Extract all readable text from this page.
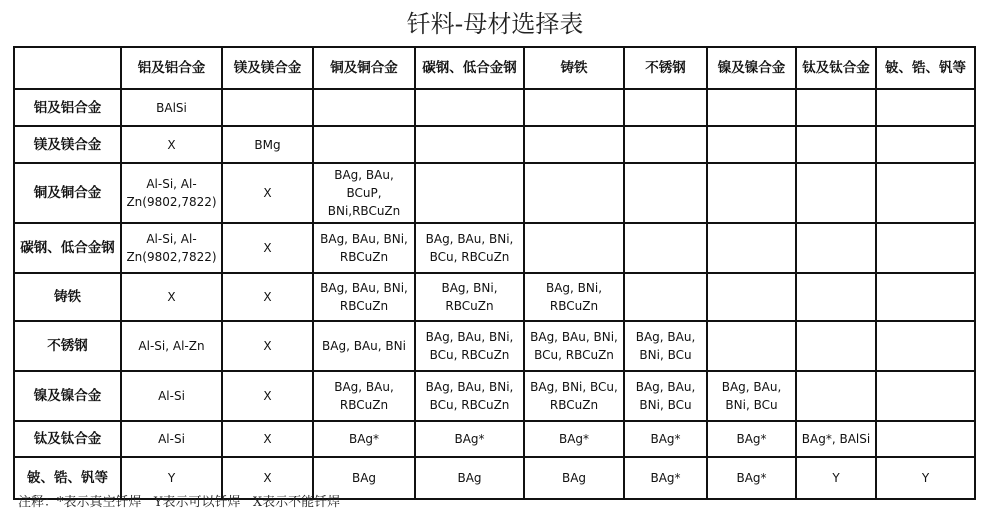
钎料-母材选择表
	铝及铝合金	镁及镁合金	铜及铜合金	碳钢、低合金钢	铸铁	不锈钢	镍及镍合金	钛及钛合金	铍、锆、钒等
铝及铝合金	BAlSi								
镁及镁合金	X	BMg							
铜及铜合金	Al-Si, Al-Zn(9802,7822)	X	BAg, BAu, BCuP, BNi,RBCuZn						
碳钢、低合金钢	Al-Si, Al-Zn(9802,7822)	X	BAg, BAu, BNi, RBCuZn	BAg, BAu, BNi, BCu, RBCuZn					
铸铁	X	X	BAg, BAu, BNi, RBCuZn	BAg, BNi, RBCuZn	BAg, BNi, RBCuZn				
不锈钢	Al-Si, Al-Zn	X	BAg, BAu, BNi	BAg, BAu, BNi, BCu, RBCuZn	BAg, BAu, BNi, BCu, RBCuZn	BAg, BAu, BNi, BCu			
镍及镍合金	Al-Si	X	BAg, BAu, RBCuZn	BAg, BAu, BNi, BCu, RBCuZn	BAg, BNi, BCu, RBCuZn	BAg, BAu, BNi, BCu	BAg, BAu, BNi, BCu		
钛及钛合金	Al-Si	X	BAg*	BAg*	BAg*	BAg*	BAg*	BAg*, BAlSi	
铍、锆、钒等	Y	X	BAg	BAg	BAg	BAg*	BAg*	Y	Y
注释：*表示真空钎焊   Y表示可以钎焊   X表示不能钎焊
